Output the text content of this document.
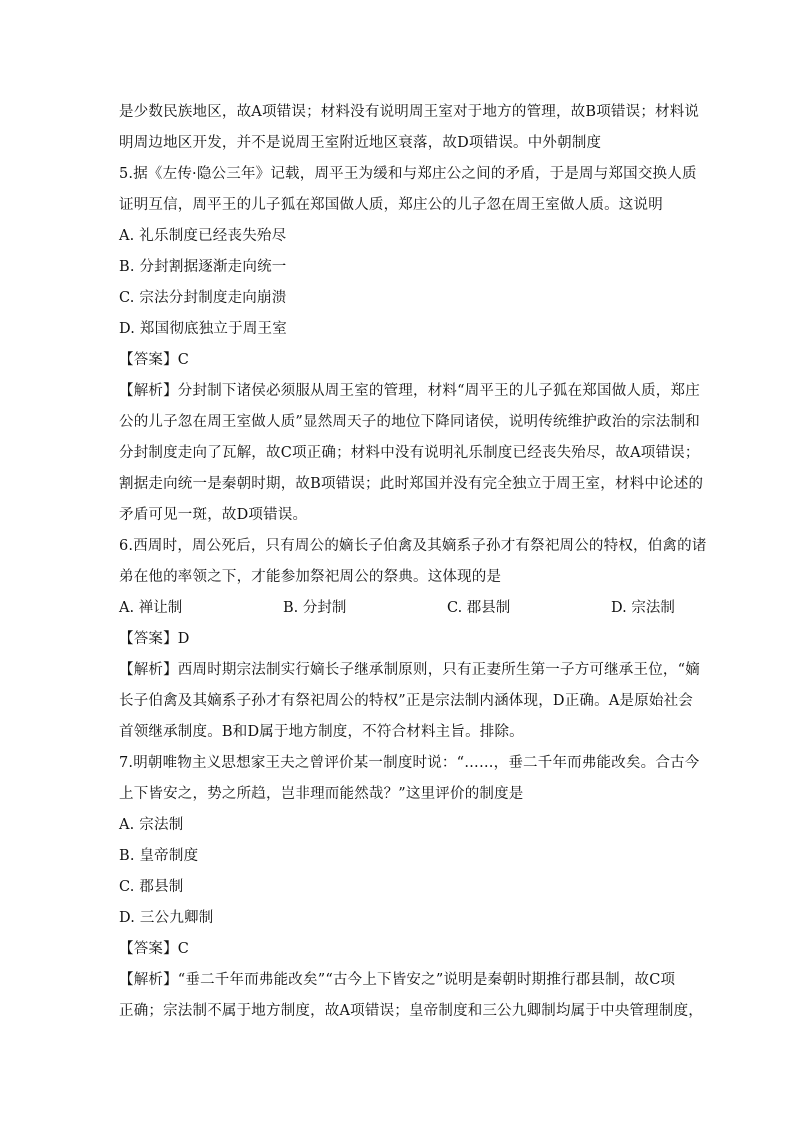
是少数民族地区，故A项错误；材料没有说明周王室对于地方的管理，故B项错误；材料说
明周边地区开发，并不是说周王室附近地区衰落，故D项错误。中外朝制度
5.据《左传·隐公三年》记载，周平王为缓和与郑庄公之间的矛盾，于是周与郑国交换人质
证明互信，周平王的儿子狐在郑国做人质，郑庄公的儿子忽在周王室做人质。这说明
A. 礼乐制度已经丧失殆尽
B. 分封割据逐渐走向统一
C. 宗法分封制度走向崩溃
D. 郑国彻底独立于周王室
【答案】C
【解析】分封制下诸侯必须服从周王室的管理，材料“周平王的儿子狐在郑国做人质，郑庄
公的儿子忽在周王室做人质”显然周天子的地位下降同诸侯，说明传统维护政治的宗法制和
分封制度走向了瓦解，故C项正确；材料中没有说明礼乐制度已经丧失殆尽，故A项错误；
割据走向统一是秦朝时期，故B项错误；此时郑国并没有完全独立于周王室，材料中论述的
矛盾可见一斑，故D项错误。
6.西周时，周公死后，只有周公的嫡长子伯禽及其嫡系子孙才有祭祀周公的特权，伯禽的诸
弟在他的率领之下，才能参加祭祀周公的祭典。这体现的是
A. 禅让制	B. 分封制	C. 郡县制	D. 宗法制
【答案】D
【解析】西周时期宗法制实行嫡长子继承制原则，只有正妻所生第一子方可继承王位，“嫡
长子伯禽及其嫡系子孙才有祭祀周公的特权”正是宗法制内涵体现，D正确。A是原始社会
首领继承制度。B和D属于地方制度，不符合材料主旨。排除。
7.明朝唯物主义思想家王夫之曾评价某一制度时说：“……，垂二千年而弗能改矣。合古今
上下皆安之，势之所趋，岂非理而能然哉？”这里评价的制度是
A. 宗法制
B. 皇帝制度
C. 郡县制
D. 三公九卿制
【答案】C
【解析】“垂二千年而弗能改矣”“古今上下皆安之”说明是秦朝时期推行郡县制，故C项
正确；宗法制不属于地方制度，故A项错误；皇帝制度和三公九卿制均属于中央管理制度，
